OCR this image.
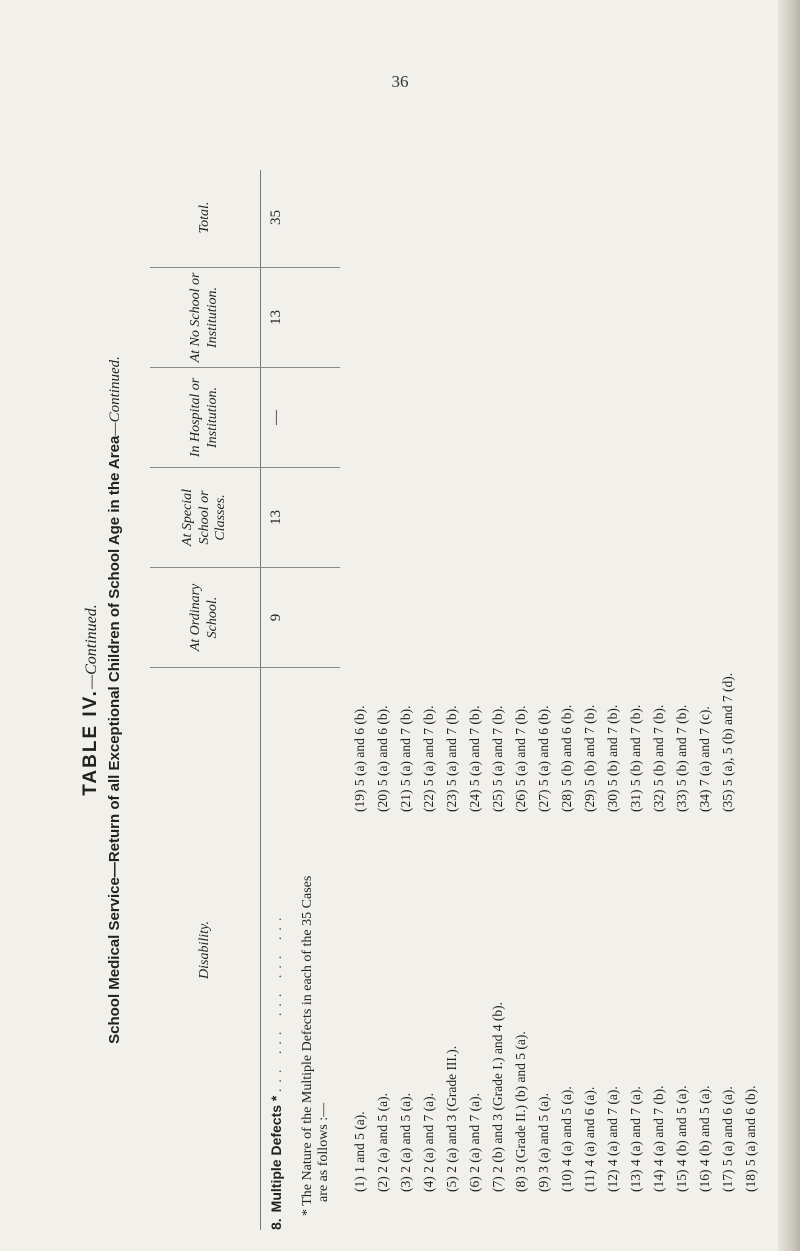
36
TABLE IV.—Continued. School Medical Service—Return of all Exceptional Children of School Age in the Area—Continued.
Disability.
At Ordinary School.
At Special School or Classes.
In Hospital or Institution.
At No School or Institution.
Total.
8.Multiple Defects * ... ... ... ... ...
9
13
—
13
35
* The Nature of the Multiple Defects in each of the 35 Cases are as follows :— (1) 1 and 5 (a). (2) 2 (a) and 5 (a). (3) 2 (a) and 5 (a). (4) 2 (a) and 7 (a). (5) 2 (a) and 3 (Grade III.). (6) 2 (a) and 7 (a). (7) 2 (b) and 3 (Grade I.) and 4 (b). (8) 3 (Grade II.) (b) and 5 (a). (9) 3 (a) and 5 (a). (10) 4 (a) and 5 (a). (11) 4 (a) and 6 (a). (12) 4 (a) and 7 (a). (13) 4 (a) and 7 (a). (14) 4 (a) and 7 (b). (15) 4 (b) and 5 (a). (16) 4 (b) and 5 (a). (17) 5 (a) and 6 (a). (18) 5 (a) and 6 (b).
(19) 5 (a) and 6 (b). (20) 5 (a) and 6 (b). (21) 5 (a) and 7 (b). (22) 5 (a) and 7 (b). (23) 5 (a) and 7 (b). (24) 5 (a) and 7 (b). (25) 5 (a) and 7 (b). (26) 5 (a) and 7 (b). (27) 5 (a) and 6 (b). (28) 5 (b) and 6 (b). (29) 5 (b) and 7 (b). (30) 5 (b) and 7 (b). (31) 5 (b) and 7 (b). (32) 5 (b) and 7 (b). (33) 5 (b) and 7 (b). (34) 7 (a) and 7 (c). (35) 5 (a), 5 (b) and 7 (d).
